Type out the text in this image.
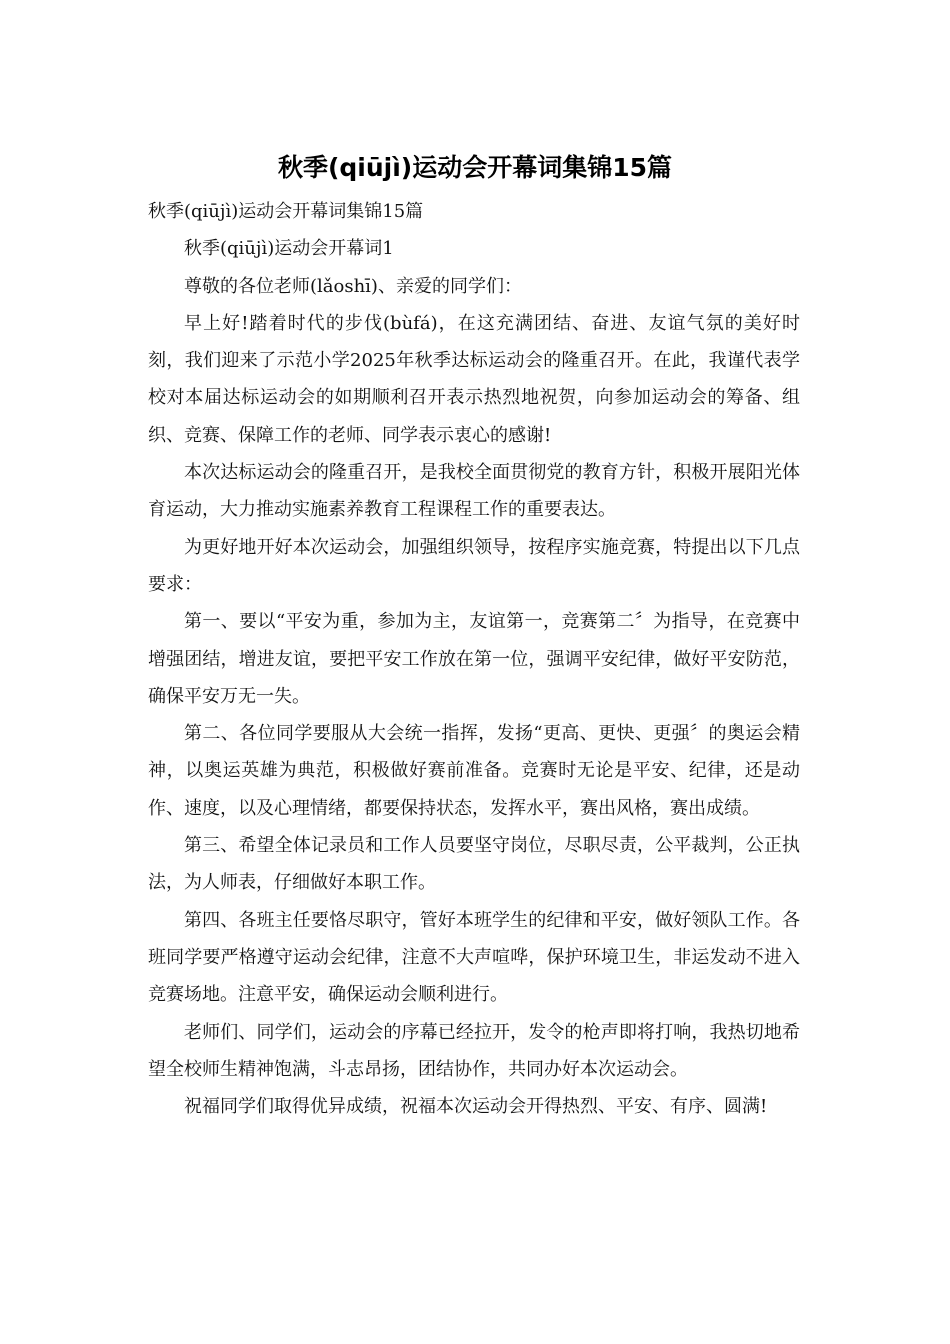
秋季(qiūjì)运动会开幕词集锦15篇

秋季(qiūjì)运动会开幕词集锦15篇

秋季(qiūjì)运动会开幕词1

尊敬的各位老师(lǎoshī)、亲爱的同学们：

早上好!踏着时代的步伐(bùfá)，在这充满团结、奋进、友谊气氛的美好时刻，我们迎来了示范小学2025年秋季达标运动会的隆重召开。在此，我谨代表学校对本届达标运动会的如期顺利召开表示热烈地祝贺，向参加运动会的筹备、组织、竞赛、保障工作的老师、同学表示衷心的感谢!

本次达标运动会的隆重召开，是我校全面贯彻党的教育方针，积极开展阳光体育运动，大力推动实施素养教育工程课程工作的重要表达。

为更好地开好本次运动会，加强组织领导，按程序实施竞赛，特提出以下几点要求：

第一、要以“平安为重，参加为主，友谊第一，竞赛第二〞为指导，在竞赛中增强团结，增进友谊，要把平安工作放在第一位，强调平安纪律，做好平安防范，确保平安万无一失。

第二、各位同学要服从大会统一指挥，发扬“更高、更快、更强〞的奥运会精神，以奥运英雄为典范，积极做好赛前准备。竞赛时无论是平安、纪律，还是动作、速度，以及心理情绪，都要保持状态，发挥水平，赛出风格，赛出成绩。

第三、希望全体记录员和工作人员要坚守岗位，尽职尽责，公平裁判，公正执法，为人师表，仔细做好本职工作。

第四、各班主任要恪尽职守，管好本班学生的纪律和平安，做好领队工作。各班同学要严格遵守运动会纪律，注意不大声喧哗，保护环境卫生，非运发动不进入竞赛场地。注意平安，确保运动会顺利进行。

老师们、同学们，运动会的序幕已经拉开，发令的枪声即将打响，我热切地希望全校师生精神饱满，斗志昂扬，团结协作，共同办好本次运动会。

祝福同学们取得优异成绩，祝福本次运动会开得热烈、平安、有序、圆满!
